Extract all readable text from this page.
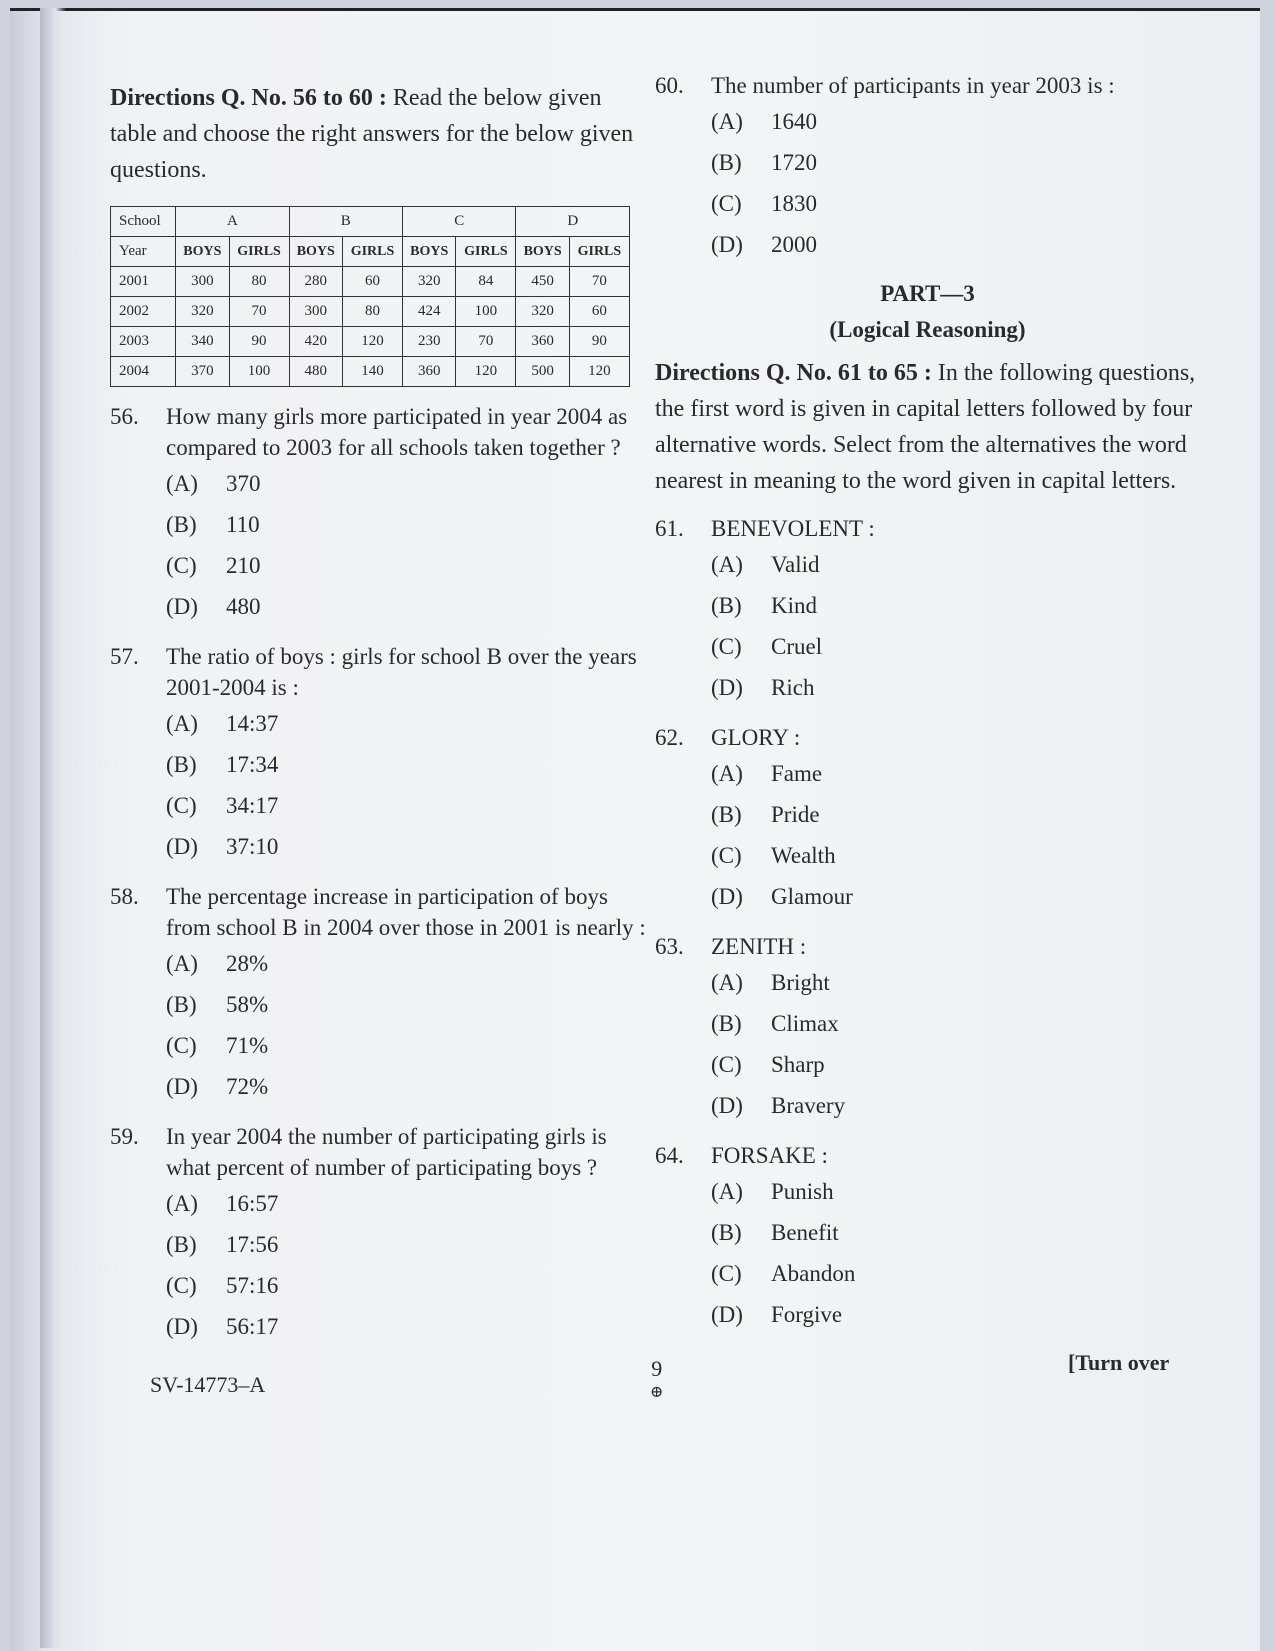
Directions Q. No. 56 to 60 : Read the below given table and choose the right answers for the below given questions.

School	A		B		C		D	
Year	BOYS	GIRLS	BOYS	GIRLS	BOYS	GIRLS	BOYS	GIRLS
2001	300	80	280	60	320	84	450	70
2002	320	70	300	80	424	100	320	60
2003	340	90	420	120	230	70	360	90
2004	370	100	480	140	360	120	500	120
56.	How many girls more participated in year 2004 as compared to 2003 for all schools taken together ?
(A)	370
(B)	110
(C)	210
(D)	480
57.	The ratio of boys : girls for school B over the years 2001-2004 is :
(A)	14:37
(B)	17:34
(C)	34:17
(D)	37:10
58.	The percentage increase in participation of boys from school B in 2004 over those in 2001 is nearly :
(A)	28%
(B)	58%
(C)	71%
(D)	72%
59.	In year 2004 the number of participating girls is what percent of number of participating boys ?
(A)	16:57
(B)	17:56
(C)	57:16
(D)	56:17
60.	The number of participants in year 2003 is :
(A)	1640
(B)	1720
(C)	1830
(D)	2000
PART—3
(Logical Reasoning)

Directions Q. No. 61 to 65 : In the following questions, the first word is given in capital letters followed by four alternative words. Select from the alternatives the word nearest in meaning to the word given in capital letters.

61.	BENEVOLENT :
(A)	Valid
(B)	Kind
(C)	Cruel
(D)	Rich
62.	GLORY :
(A)	Fame
(B)	Pride
(C)	Wealth
(D)	Glamour
63.	ZENITH :
(A)	Bright
(B)	Climax
(C)	Sharp
(D)	Bravery
64.	FORSAKE :
(A)	Punish
(B)	Benefit
(C)	Abandon
(D)	Forgive
SV-14773–A
9
⊕
[Turn over
